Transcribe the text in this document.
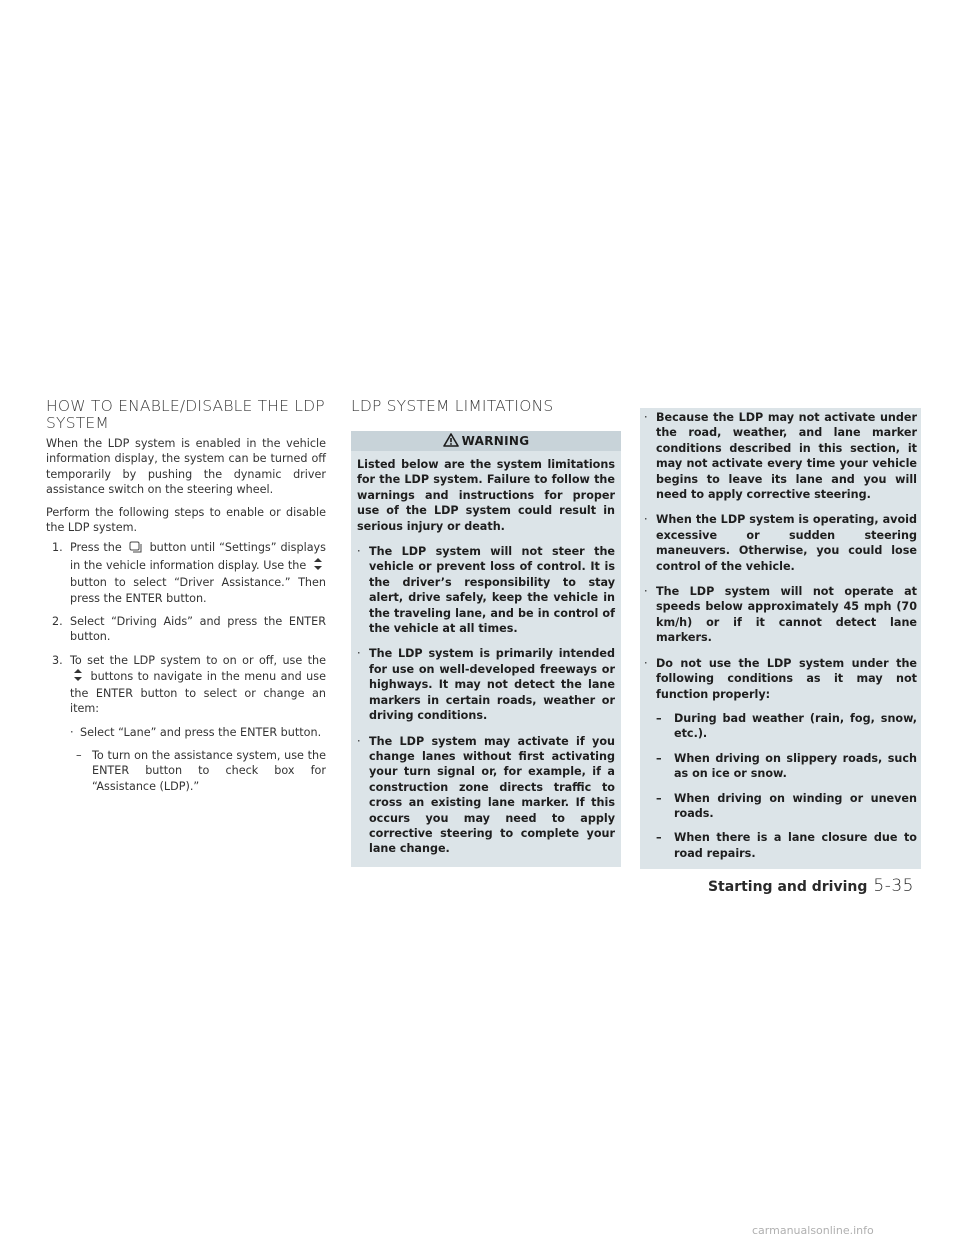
HOW TO ENABLE/DISABLE THE LDP SYSTEM

When the LDP system is enabled in the vehicle information display, the system can be turned off temporarily by pushing the dynamic driver assistance switch on the steering wheel.

Perform the following steps to enable or disable the LDP system.

1. Press the button until “Settings” displays in the vehicle information display. Use the  button to select “Driver Assistance.” Then press the ENTER button.
2. Select “Driving Aids” and press the ENTER button.
3. To set the LDP system to on or off, use the  buttons to navigate in the menu and use the ENTER button to select or change an item:
· Select “Lane” and press the ENTER button.
– To turn on the assistance system, use the ENTER button to check box for “Assistance (LDP).”
LDP SYSTEM LIMITATIONS
WARNING

Listed below are the system limitations for the LDP system. Failure to follow the warnings and instructions for proper use of the LDP system could result in serious injury or death.

· The LDP system will not steer the vehicle or prevent loss of control. It is the driver’s responsibility to stay alert, drive safely, keep the vehicle in the traveling lane, and be in control of the vehicle at all times.
· The LDP system is primarily intended for use on well-developed freeways or highways. It may not detect the lane markers in certain roads, weather or driving conditions.
· The LDP system may activate if you change lanes without first activating your turn signal or, for example, if a construction zone directs traffic to cross an existing lane marker. If this occurs you may need to apply corrective steering to complete your lane change.
· Because the LDP may not activate under the road, weather, and lane marker conditions described in this section, it may not activate every time your vehicle begins to leave its lane and you will need to apply corrective steering.
· When the LDP system is operating, avoid excessive or sudden steering maneuvers. Otherwise, you could lose control of the vehicle.
· The LDP system will not operate at speeds below approximately 45 mph (70 km/h) or if it cannot detect lane markers.
· Do not use the LDP system under the following conditions as it may not function properly:
– During bad weather (rain, fog, snow, etc.).
– When driving on slippery roads, such as on ice or snow.
– When driving on winding or uneven roads.
– When there is a lane closure due to road repairs.
Starting and driving 5-35
carmanualsonline.info
